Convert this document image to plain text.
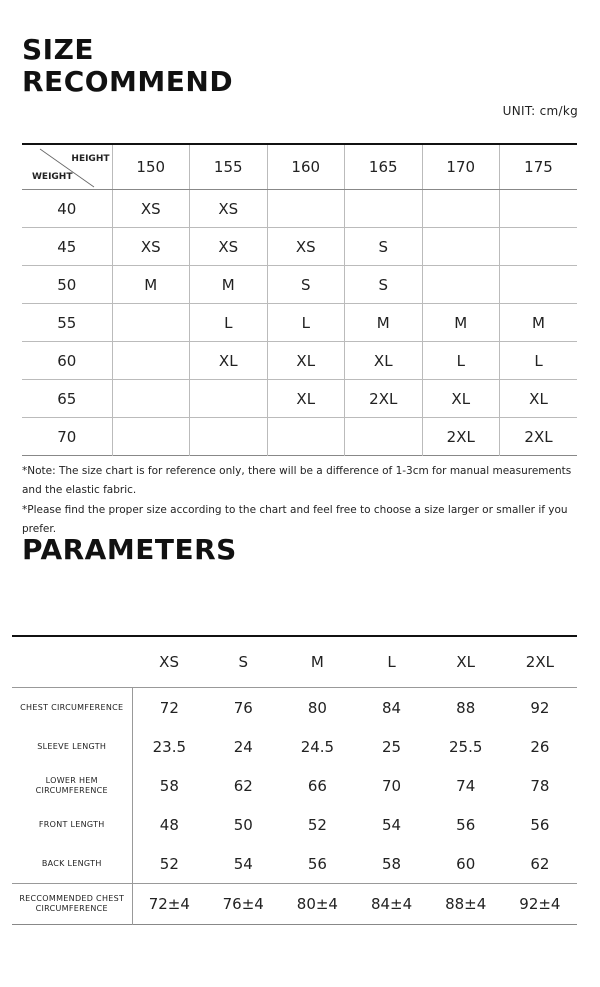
SIZE
RECOMMEND
UNIT: cm/kg
HEIGHT
WEIGHT	150	155	160	165	170	175
40	XS	XS				
45	XS	XS	XS	S		
50	M	M	S	S		
55		L	L	M	M	M
60		XL	XL	XL	L	L
65			XL	2XL	XL	XL
70					2XL	2XL

*Note: The size chart is for reference only, there will be a difference of 1-3cm for manual measurements and the elastic fabric.

*Please find the proper size according to the chart and feel free to choose a size larger or smaller if you prefer.

PARAMETERS
	XS	S	M	L	XL	2XL
CHEST CIRCUMFERENCE	72	76	80	84	88	92
SLEEVE LENGTH	23.5	24	24.5	25	25.5	26
LOWER HEM CIRCUMFERENCE	58	62	66	70	74	78
FRONT LENGTH	48	50	52	54	56	56
BACK LENGTH	52	54	56	58	60	62
RECCOMMENDED CHEST CIRCUMFERENCE	72±4	76±4	80±4	84±4	88±4	92±4
